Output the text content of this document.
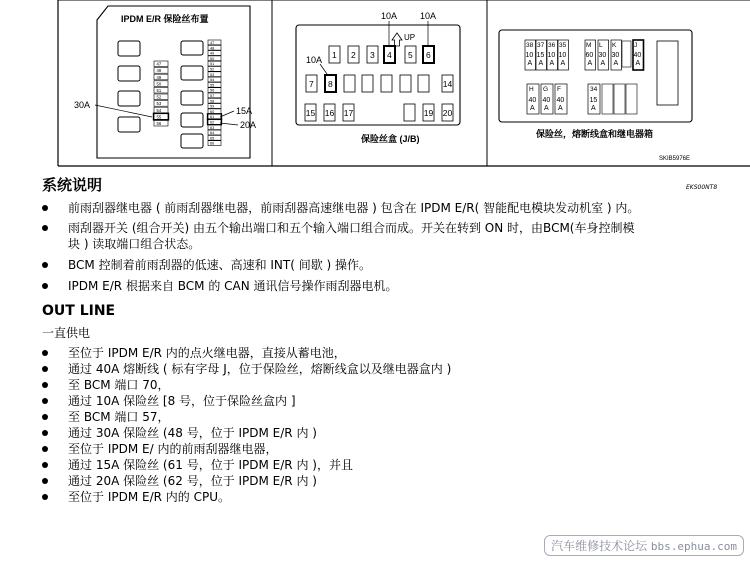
IPDM E/R 保险丝布置
47
48
49
50
51
52
53
54
55
56
47
48
49
50
51
52
53
54
55
56
57
58
59
60
61
62
63
64
65
66
30A
15A
20A
10A	10A
UP
10A 1 2 3 4 5 6
7 8	14
15 16 17	19 20
保险丝盒 (J/B)
38
10
A
37
15
A
36
10
A
35
10
A
M
60
A
L
30
A
K
30
A
J
40
A
H
40
A
G
40
A
F
40
A
34
15
A
保险丝，熔断线盒和继电器箱
SKIB5976E
系统说明	EKS00NT8
前雨刮器继电器 ( 前雨刮器继电器，前雨刮器高速继电器 ) 包含在 IPDM E/R( 智能配电模块发动机室 ) 内。
雨刮器开关 (组合开关) 由五个输出端口和五个输入端口组合而成。开关在转到 ON 时，由BCM(车身控制模
块 ) 读取端口组合状态。
BCM 控制着前雨刮器的低速、高速和 INT( 间歇 ) 操作。
IPDM E/R 根据来自 BCM 的 CAN 通讯信号操作雨刮器电机。
OUT LINE
一直供电
至位于 IPDM E/R 内的点火继电器，直接从蓄电池，
通过 40A 熔断线 ( 标有字母 J，位于保险丝，熔断线盒以及继电器盒内 )
至 BCM 端口 70，
通过 10A 保险丝 [8 号，位于保险丝盒内 ]
至 BCM 端口 57，
通过 30A 保险丝 (48 号，位于 IPDM E/R 内 )
至位于 IPDM E/ 内的前雨刮器继电器，
通过 15A 保险丝 (61 号，位于 IPDM E/R 内 )，并且
通过 20A 保险丝 (62 号，位于 IPDM E/R 内 )
至位于 IPDM E/R 内的 CPU。
汽车维修技术论坛 bbs.ephua.com
